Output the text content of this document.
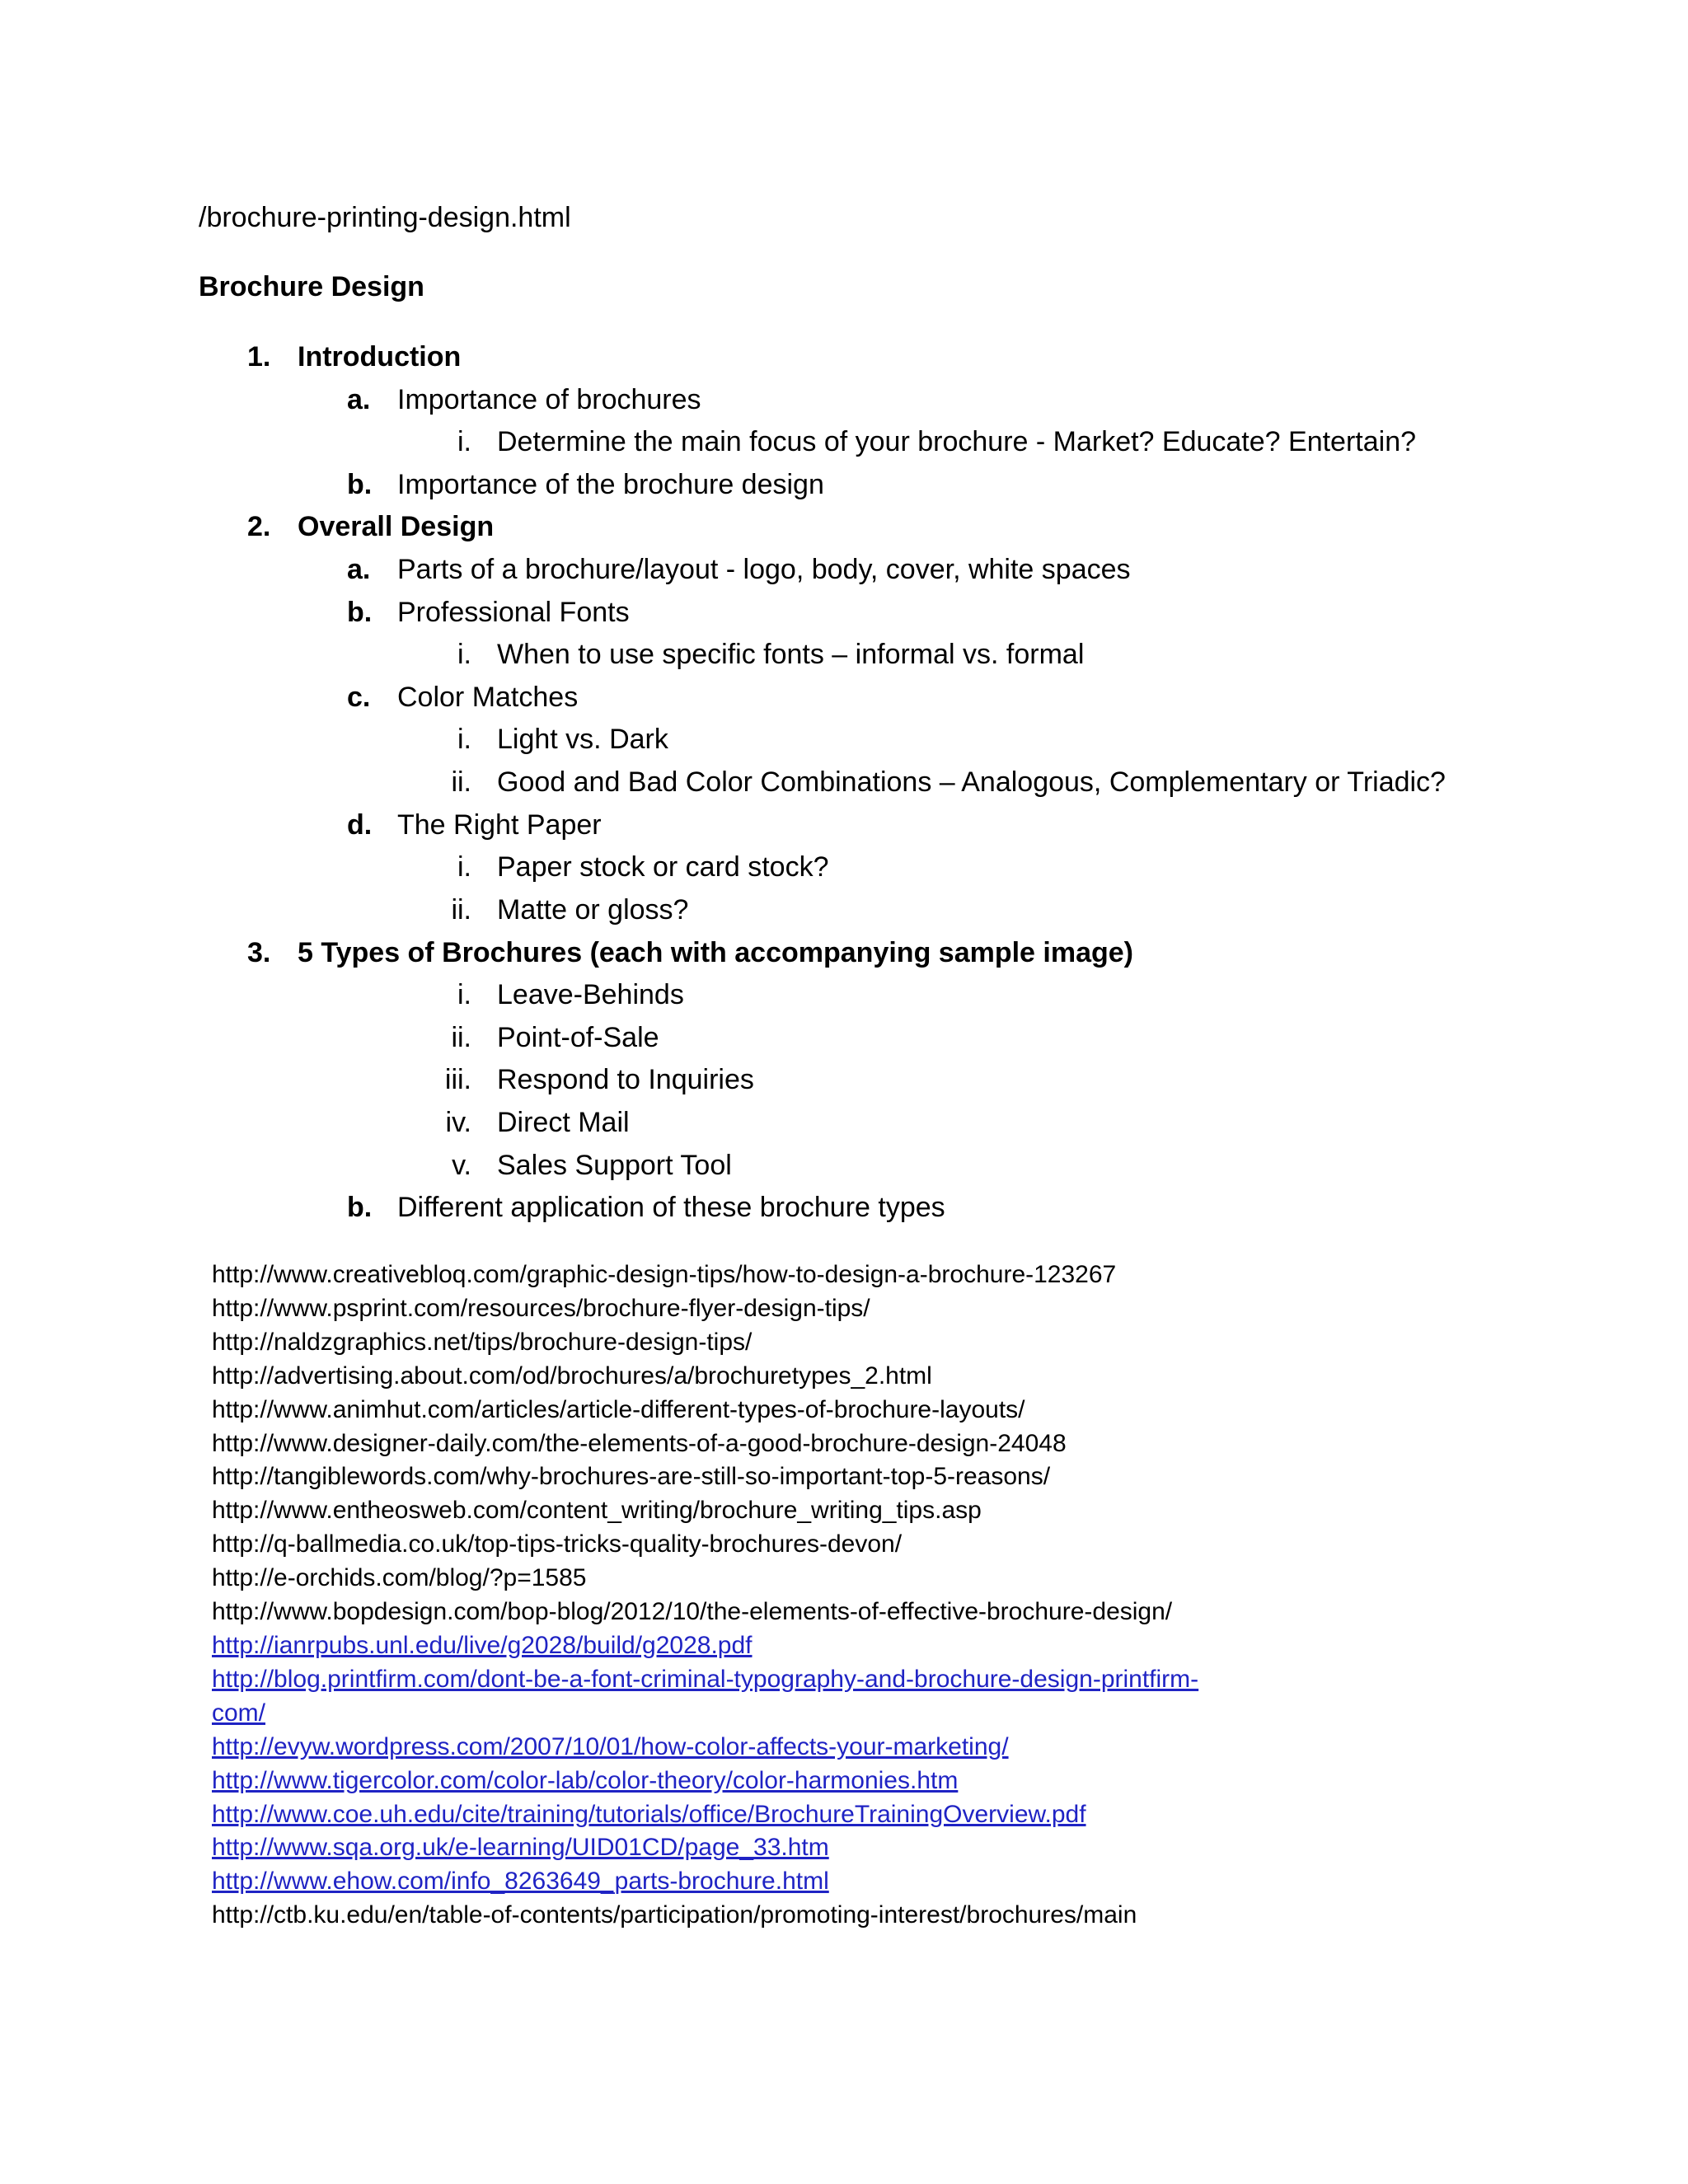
/brochure-printing-design.html
Brochure Design
1. Introduction
a. Importance of brochures
i. Determine the main focus of your brochure - Market? Educate? Entertain?
b. Importance of the brochure design
2. Overall Design
a. Parts of a brochure/layout - logo, body, cover, white spaces
b. Professional Fonts
i. When to use specific fonts – informal vs. formal
c. Color Matches
i. Light vs. Dark
ii. Good and Bad Color Combinations – Analogous, Complementary or Triadic?
d. The Right Paper
i. Paper stock or card stock?
ii. Matte or gloss?
3. 5 Types of Brochures (each with accompanying sample image)
i. Leave-Behinds
ii. Point-of-Sale
iii. Respond to Inquiries
iv. Direct Mail
v. Sales Support Tool
b. Different application of these brochure types
http://www.creativebloq.com/graphic-design-tips/how-to-design-a-brochure-123267
http://www.psprint.com/resources/brochure-flyer-design-tips/
http://naldzgraphics.net/tips/brochure-design-tips/
http://advertising.about.com/od/brochures/a/brochuretypes_2.html
http://www.animhut.com/articles/article-different-types-of-brochure-layouts/
http://www.designer-daily.com/the-elements-of-a-good-brochure-design-24048
http://tangiblewords.com/why-brochures-are-still-so-important-top-5-reasons/
http://www.entheosweb.com/content_writing/brochure_writing_tips.asp
http://q-ballmedia.co.uk/top-tips-tricks-quality-brochures-devon/
http://e-orchids.com/blog/?p=1585
http://www.bopdesign.com/bop-blog/2012/10/the-elements-of-effective-brochure-design/
http://ianrpubs.unl.edu/live/g2028/build/g2028.pdf
http://blog.printfirm.com/dont-be-a-font-criminal-typography-and-brochure-design-printfirm-
com/
http://evyw.wordpress.com/2007/10/01/how-color-affects-your-marketing/
http://www.tigercolor.com/color-lab/color-theory/color-harmonies.htm
http://www.coe.uh.edu/cite/training/tutorials/office/BrochureTrainingOverview.pdf
http://www.sqa.org.uk/e-learning/UID01CD/page_33.htm
http://www.ehow.com/info_8263649_parts-brochure.html
http://ctb.ku.edu/en/table-of-contents/participation/promoting-interest/brochures/main
